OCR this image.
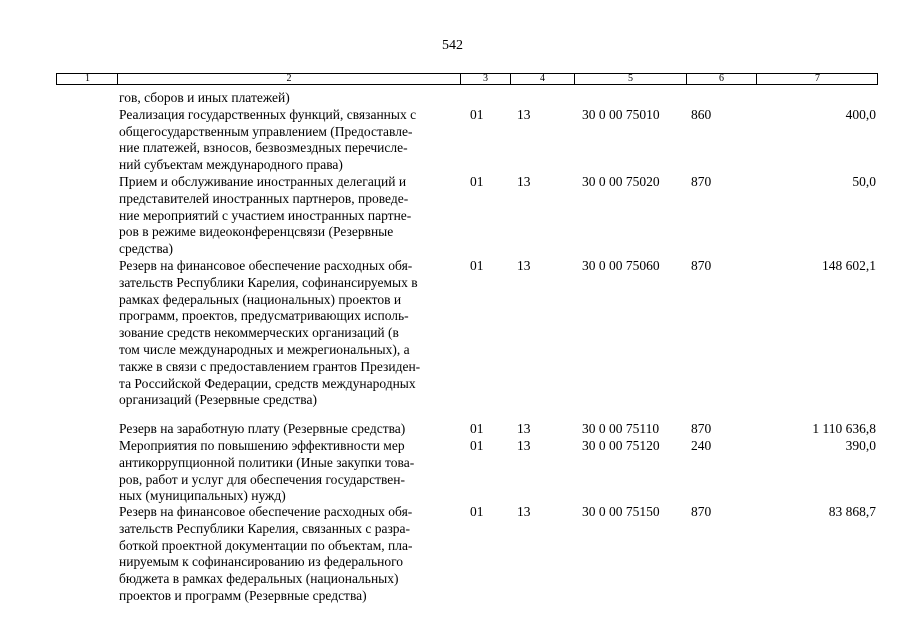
542
1	2	3	4	5	6	7
гов, сборов и иных платежей)
Реализация государственных функций, связанных с
общегосударственным управлением (Предоставле-
ние платежей, взносов, безвозмездных перечисле-
ний субъектам международного права)
01	13	30 0 00 75010	860	400,0
Прием и обслуживание иностранных делегаций и
представителей иностранных партнеров, проведе-
ние мероприятий с участием иностранных партне-
ров в режиме видеоконференцсвязи (Резервные
средства)
01	13	30 0 00 75020	870	50,0
Резерв на финансовое обеспечение расходных обя-
зательств Республики Карелия, софинансируемых в
рамках федеральных (национальных) проектов и
программ, проектов, предусматривающих исполь-
зование средств некоммерческих организаций (в
том числе международных и межрегиональных), а
также в связи с предоставлением грантов Президен-
та Российской Федерации, средств международных
организаций (Резервные средства)
01	13	30 0 00 75060	870	148 602,1
Резерв на заработную плату (Резервные средства)	01	13	30 0 00 75110	870	1 110 636,8
Мероприятия по повышению эффективности мер
антикоррупционной политики (Иные закупки това-
ров, работ и услуг для обеспечения государствен-
ных (муниципальных) нужд)
01	13	30 0 00 75120	240	390,0
Резерв на финансовое обеспечение расходных обя-
зательств Республики Карелия, связанных с разра-
боткой проектной документации по объектам, пла-
нируемым к софинансированию из федерального
бюджета в рамках федеральных (национальных)
проектов и программ (Резервные средства)
01	13	30 0 00 75150	870	83 868,7
